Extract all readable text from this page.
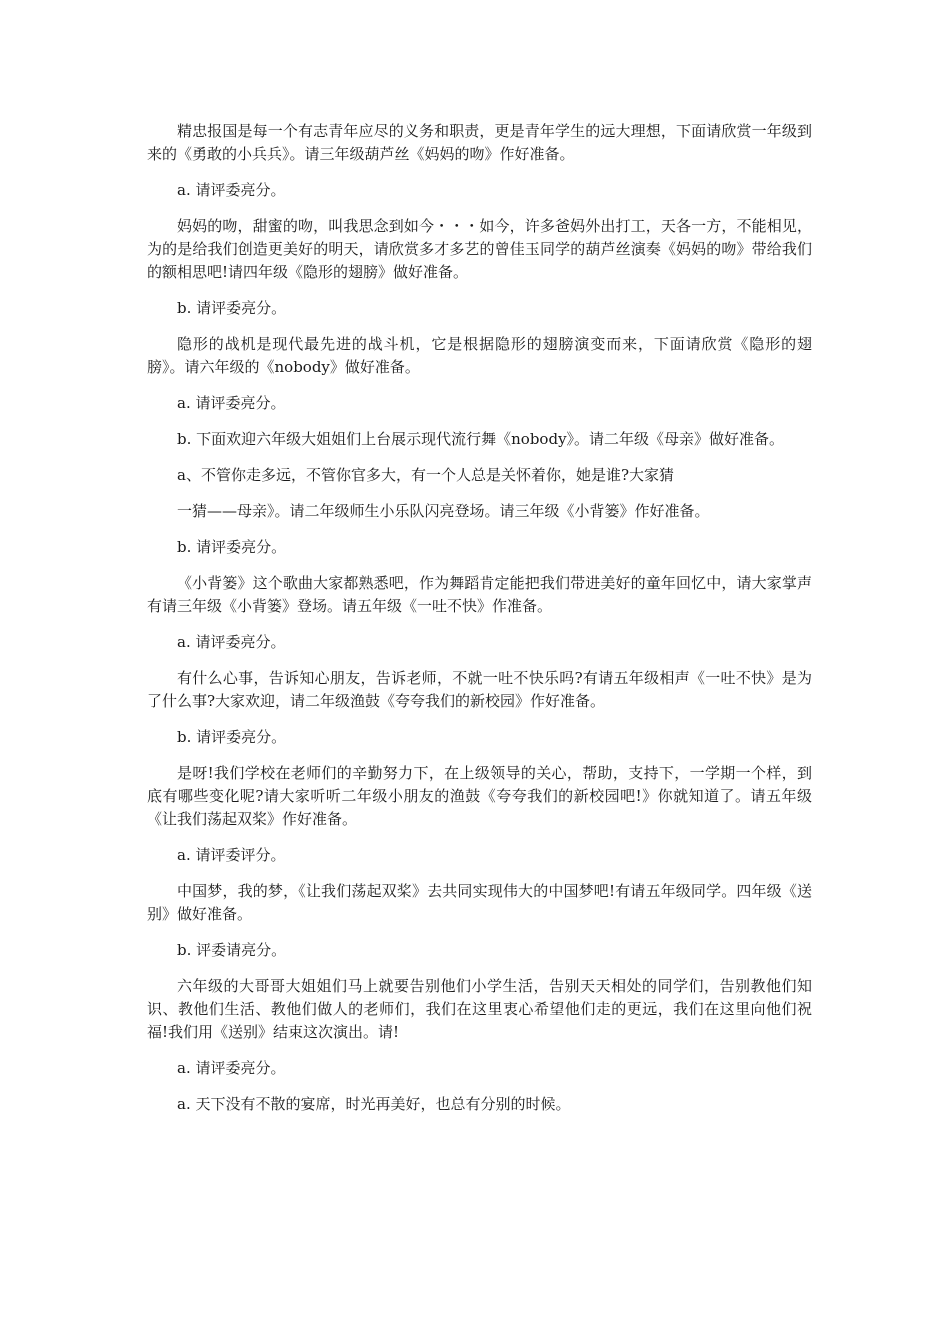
精忠报国是每一个有志青年应尽的义务和职责，更是青年学生的远大理想，下面请欣赏一年级到来的《勇敢的小兵兵》。请三年级葫芦丝《妈妈的吻》作好准备。

a. 请评委亮分。

妈妈的吻，甜蜜的吻，叫我思念到如今・・・如今，许多爸妈外出打工，天各一方，不能相见，为的是给我们创造更美好的明天，请欣赏多才多艺的曾佳玉同学的葫芦丝演奏《妈妈的吻》带给我们的额相思吧!请四年级《隐形的翅膀》做好准备。

b. 请评委亮分。

隐形的战机是现代最先进的战斗机，它是根据隐形的翅膀演变而来，下面请欣赏《隐形的翅膀》。请六年级的《nobody》做好准备。

a. 请评委亮分。

b. 下面欢迎六年级大姐姐们上台展示现代流行舞《nobody》。请二年级《母亲》做好准备。

a、不管你走多远，不管你官多大，有一个人总是关怀着你，她是谁?大家猜

一猜——母亲》。请二年级师生小乐队闪亮登场。请三年级《小背篓》作好准备。

b. 请评委亮分。

《小背篓》这个歌曲大家都熟悉吧，作为舞蹈肯定能把我们带进美好的童年回忆中，请大家掌声有请三年级《小背篓》登场。请五年级《一吐不快》作准备。

a. 请评委亮分。

有什么心事，告诉知心朋友，告诉老师，不就一吐不快乐吗?有请五年级相声《一吐不快》是为了什么事?大家欢迎，请二年级渔鼓《夸夸我们的新校园》作好准备。

b. 请评委亮分。

是呀!我们学校在老师们的辛勤努力下，在上级领导的关心，帮助，支持下，一学期一个样，到底有哪些变化呢?请大家听听二年级小朋友的渔鼓《夸夸我们的新校园吧!》你就知道了。请五年级《让我们荡起双桨》作好准备。

a. 请评委评分。

中国梦，我的梦，《让我们荡起双桨》去共同实现伟大的中国梦吧!有请五年级同学。四年级《送别》做好准备。

b. 评委请亮分。

六年级的大哥哥大姐姐们马上就要告别他们小学生活，告别天天相处的同学们，告别教他们知识、教他们生活、教他们做人的老师们，我们在这里衷心希望他们走的更远，我们在这里向他们祝福!我们用《送别》结束这次演出。请!

a. 请评委亮分。

a. 天下没有不散的宴席，时光再美好，也总有分别的时候。
